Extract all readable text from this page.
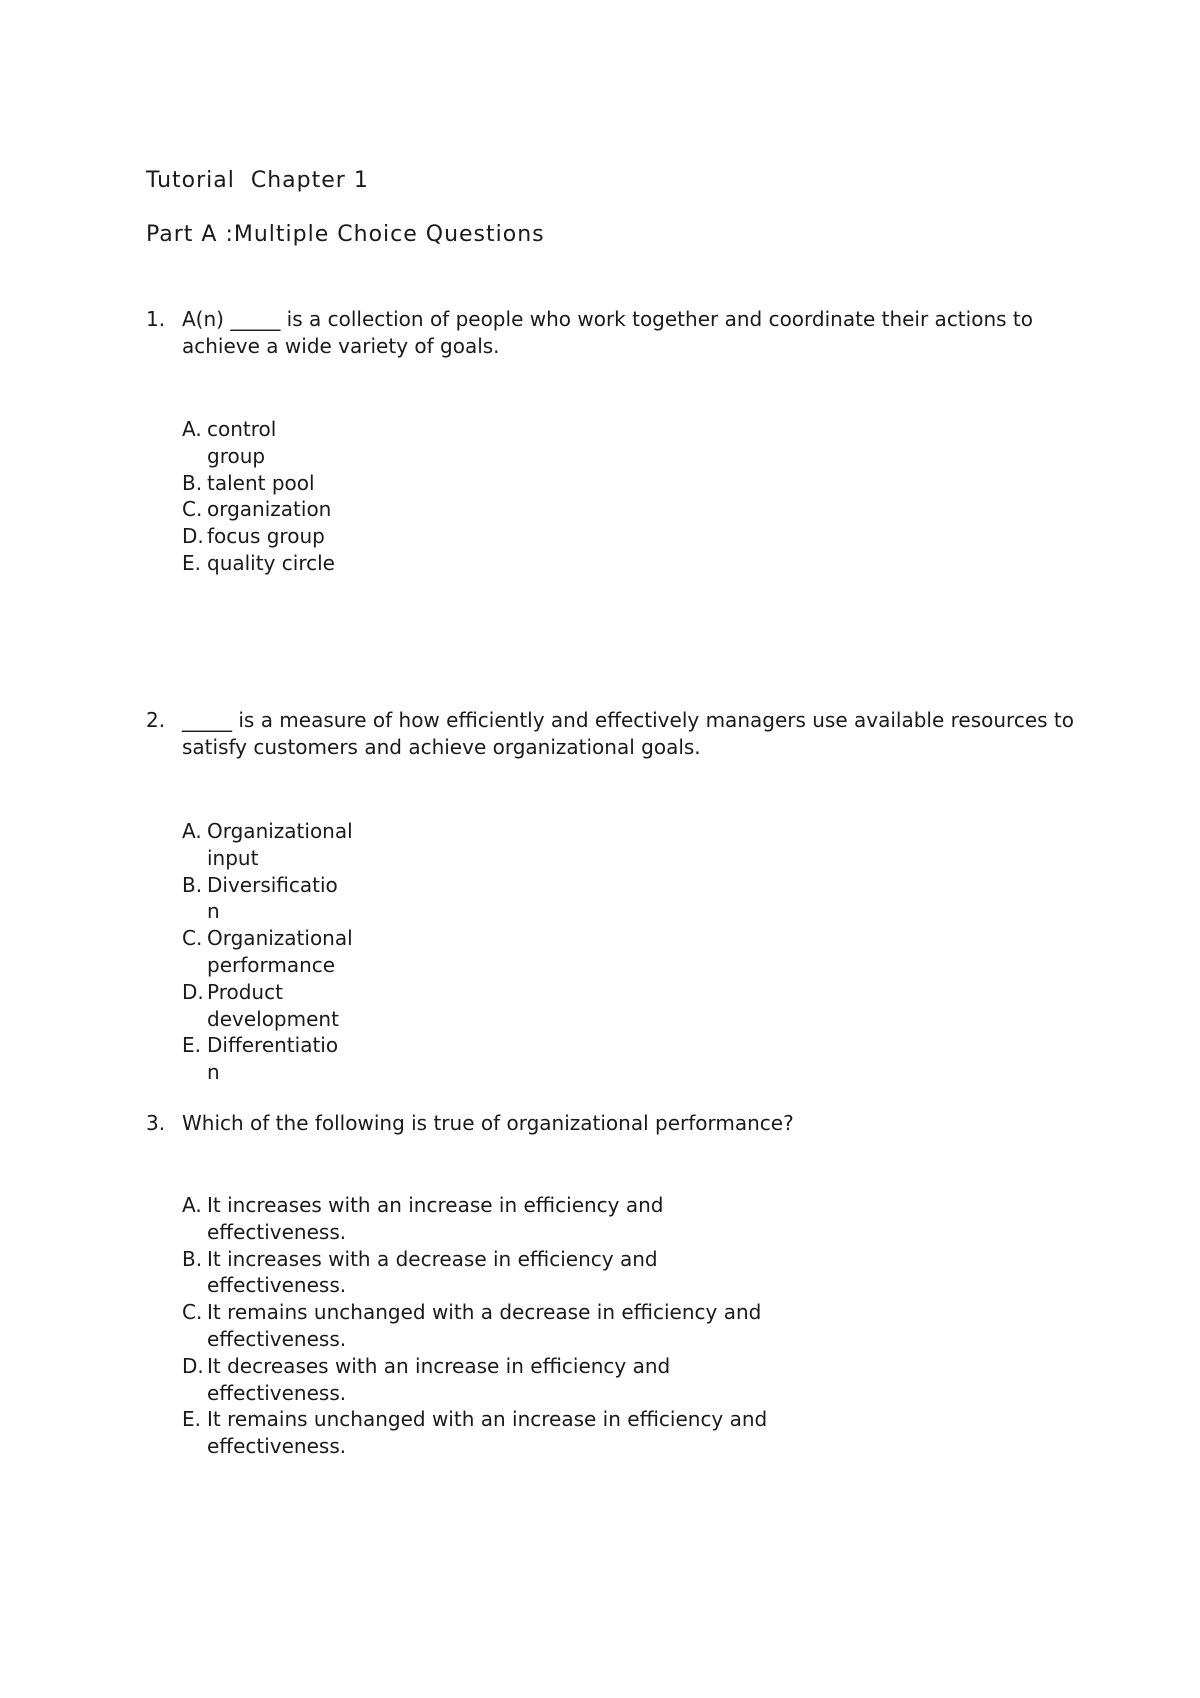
Tutorial  Chapter 1
Part A :Multiple Choice Questions
1. A(n) _____ is a collection of people who work together and coordinate their actions to achieve a wide variety of goals.
A. control group
B. talent pool
C. organization
D. focus group
E. quality circle
2. _____ is a measure of how efficiently and effectively managers use available resources to satisfy customers and achieve organizational goals.
A. Organizational input
B. Diversification
C. Organizational performance
D. Product development
E. Differentiation
3. Which of the following is true of organizational performance?
A. It increases with an increase in efficiency and effectiveness.
B. It increases with a decrease in efficiency and effectiveness.
C. It remains unchanged with a decrease in efficiency and effectiveness.
D. It decreases with an increase in efficiency and effectiveness.
E. It remains unchanged with an increase in efficiency and effectiveness.
